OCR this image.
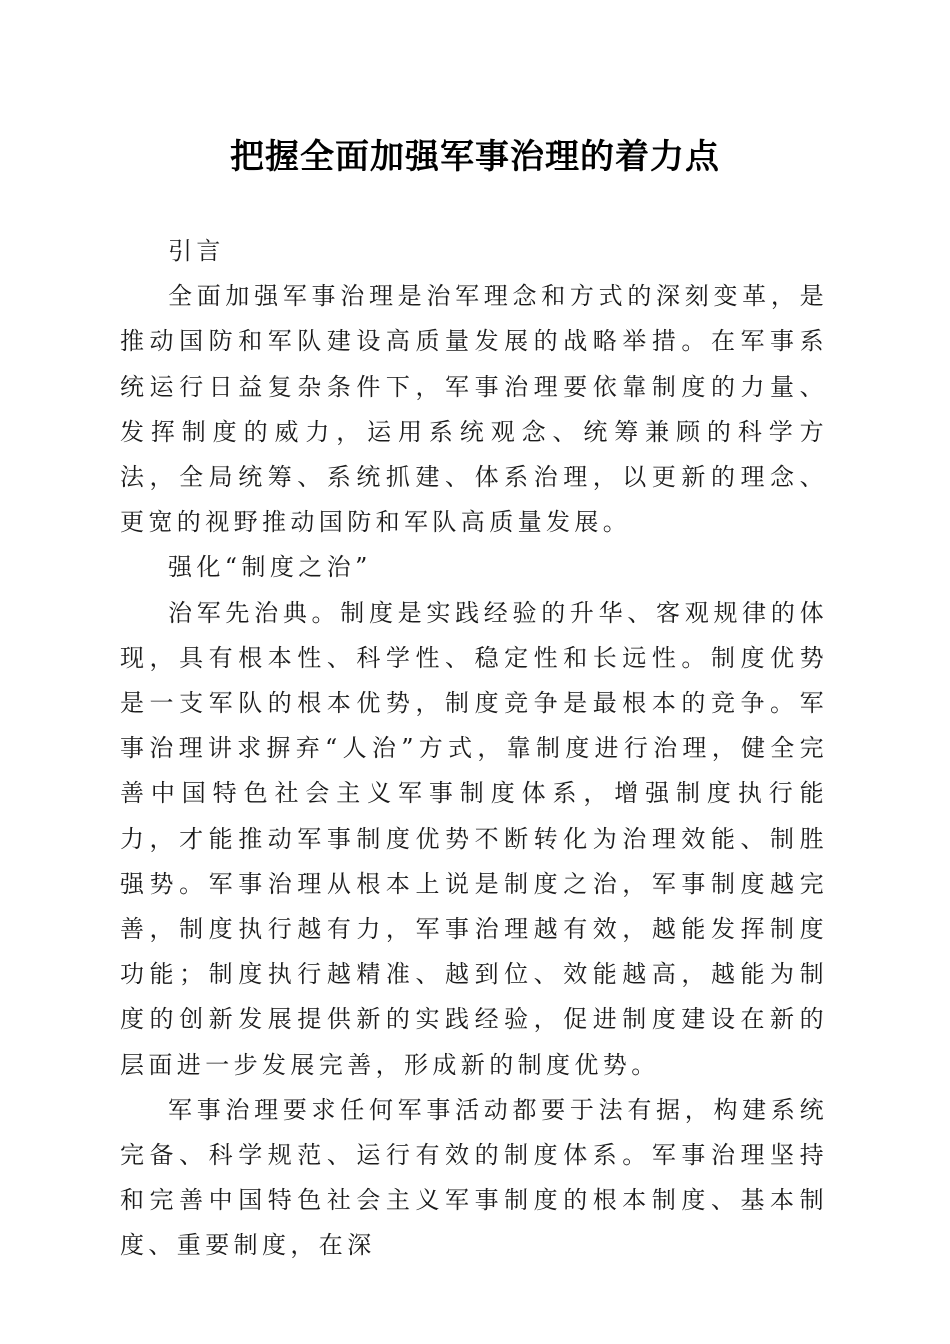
把握全面加强军事治理的着力点

引言

全面加强军事治理是治军理念和方式的深刻变革，是推动国防和军队建设高质量发展的战略举措。在军事系统运行日益复杂条件下，军事治理要依靠制度的力量、发挥制度的威力，运用系统观念、统筹兼顾的科学方法，全局统筹、系统抓建、体系治理，以更新的理念、更宽的视野推动国防和军队高质量发展。

强化“制度之治”

治军先治典。制度是实践经验的升华、客观规律的体现，具有根本性、科学性、稳定性和长远性。制度优势是一支军队的根本优势，制度竞争是最根本的竞争。军事治理讲求摒弃“人治”方式，靠制度进行治理，健全完善中国特色社会主义军事制度体系，增强制度执行能力，才能推动军事制度优势不断转化为治理效能、制胜强势。军事治理从根本上说是制度之治，军事制度越完善，制度执行越有力，军事治理越有效，越能发挥制度功能；制度执行越精准、越到位、效能越高，越能为制度的创新发展提供新的实践经验，促进制度建设在新的层面进一步发展完善，形成新的制度优势。

军事治理要求任何军事活动都要于法有据，构建系统完备、科学规范、运行有效的制度体系。军事治理坚持和完善中国特色社会主义军事制度的根本制度、基本制度、重要制度，在深
